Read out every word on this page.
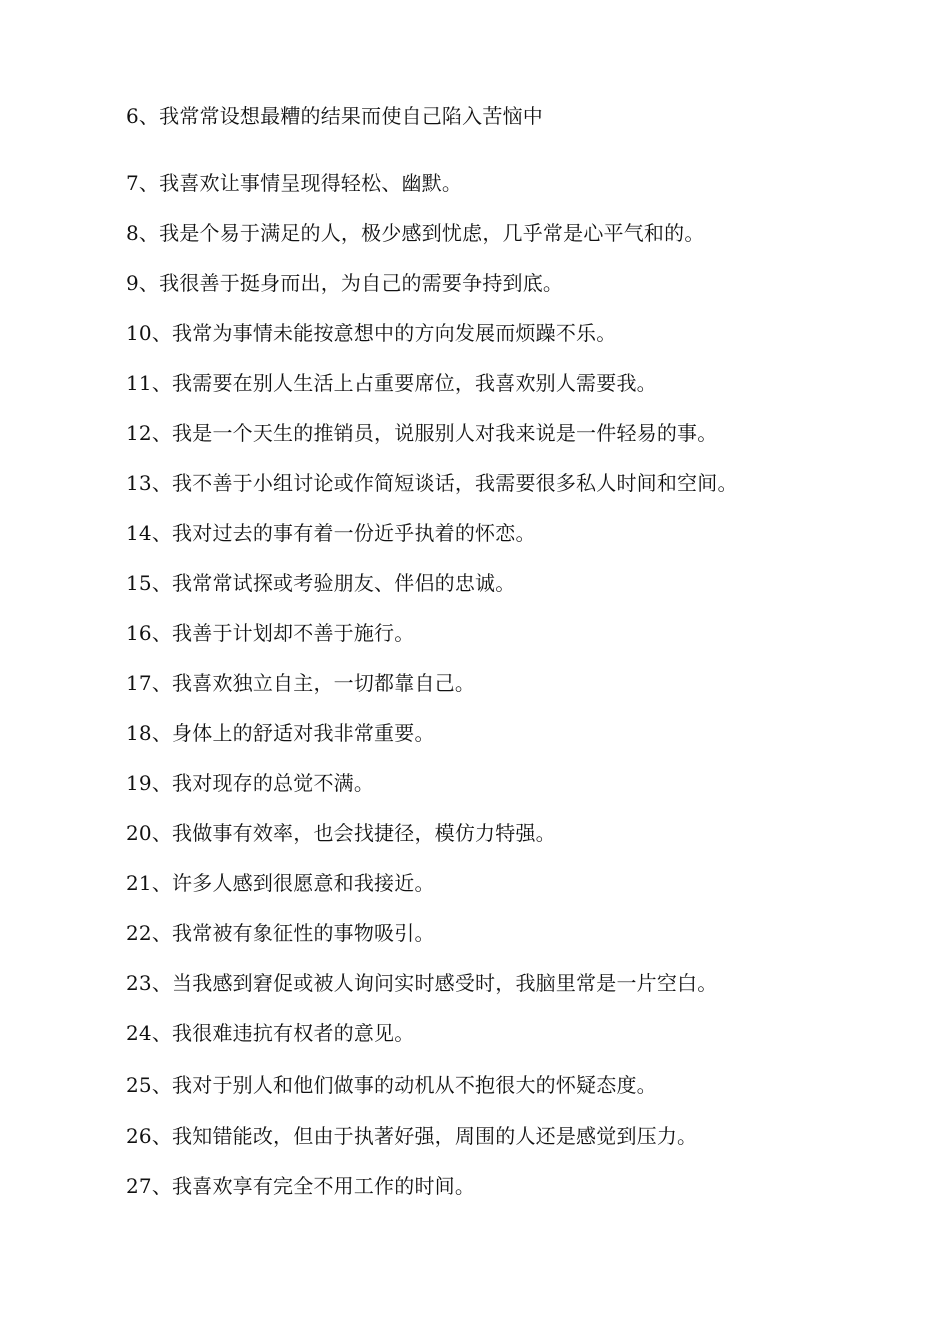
6、我常常设想最糟的结果而使自己陷入苦恼中
7、我喜欢让事情呈现得轻松、幽默。
8、我是个易于满足的人，极少感到忧虑，几乎常是心平气和的。
9、我很善于挺身而出，为自己的需要争持到底。
10、我常为事情未能按意想中的方向发展而烦躁不乐。
11、我需要在别人生活上占重要席位，我喜欢别人需要我。
12、我是一个天生的推销员，说服别人对我来说是一件轻易的事。
13、我不善于小组讨论或作简短谈话，我需要很多私人时间和空间。
14、我对过去的事有着一份近乎执着的怀恋。
15、我常常试探或考验朋友、伴侣的忠诚。
16、我善于计划却不善于施行。
17、我喜欢独立自主，一切都靠自己。
18、身体上的舒适对我非常重要。
19、我对现存的总觉不满。
20、我做事有效率，也会找捷径，模仿力特强。
21、许多人感到很愿意和我接近。
22、我常被有象征性的事物吸引。
23、当我感到窘促或被人询问实时感受时，我脑里常是一片空白。
24、我很难违抗有权者的意见。
25、我对于别人和他们做事的动机从不抱很大的怀疑态度。
26、我知错能改，但由于执著好强，周围的人还是感觉到压力。
27、我喜欢享有完全不用工作的时间。
